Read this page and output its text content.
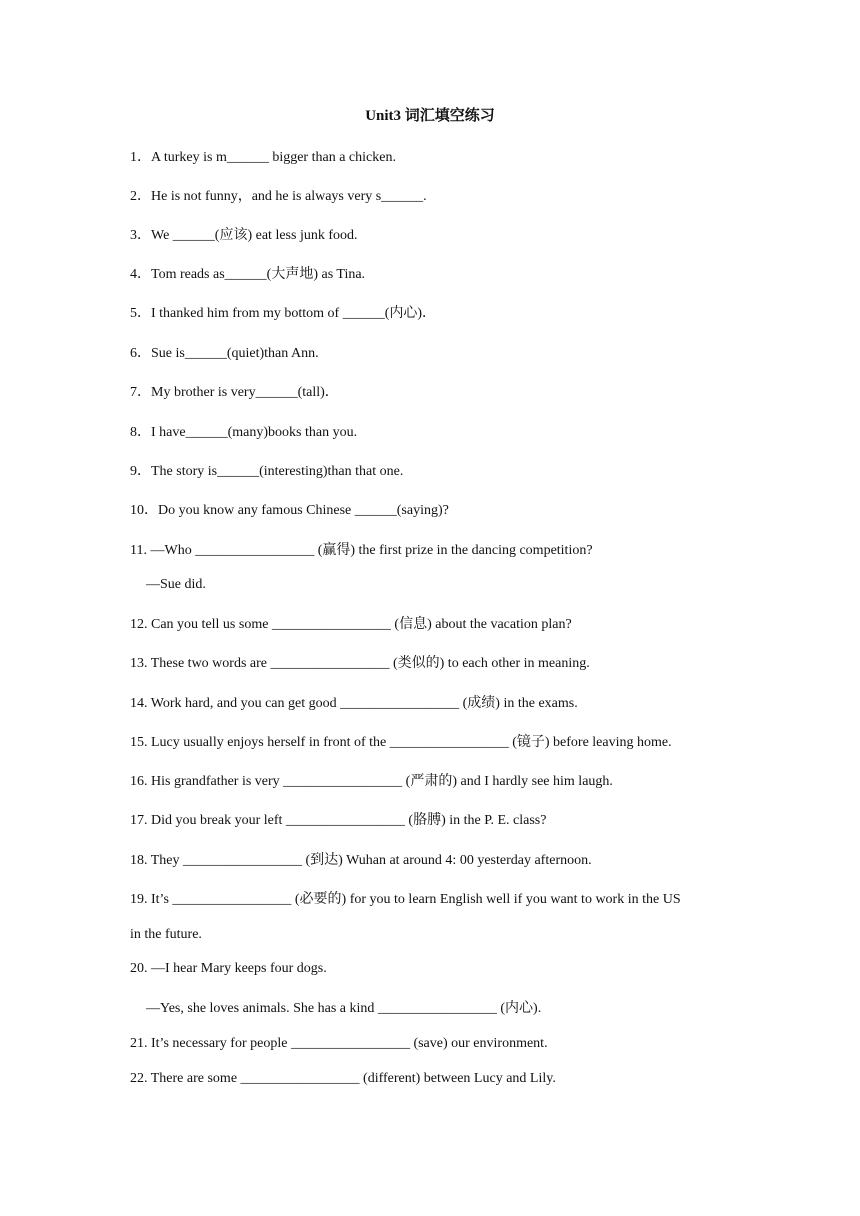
Unit3 词汇填空练习
1．A turkey is m______ bigger than a chicken.
2．He is not funny，and he is always very s______.
3．We ______(应该) eat less junk food.
4．Tom reads as______(大声地) as Tina.
5．I thanked him from my bottom of ______(内心)．
6．Sue is______(quiet)than Ann.
7．My brother is very______(tall)．
8．I have______(many)books than you.
9．The story is______(interesting)than that one.
10．Do you know any famous Chinese ______(saying)?
11. —Who _________________ (赢得) the first prize in the dancing competition?
—Sue did.
12. Can you tell us some _________________ (信息) about the vacation plan?
13. These two words are _________________ (类似的) to each other in meaning.
14. Work hard, and you can get good _________________ (成绩) in the exams.
15. Lucy usually enjoys herself in front of the _________________ (镜子) before leaving home.
16. His grandfather is very _________________ (严肃的) and I hardly see him laugh.
17. Did you break your left _________________ (胳膊) in the P. E. class?
18. They _________________ (到达) Wuhan at around 4: 00 yesterday afternoon.
19. It’s _________________ (必要的) for you to learn English well if you want to work in the US
in the future.
20. —I hear Mary keeps four dogs.
—Yes, she loves animals. She has a kind _________________ (内心).
21. It’s necessary for people _________________ (save) our environment.
22. There are some _________________ (different) between Lucy and Lily.
